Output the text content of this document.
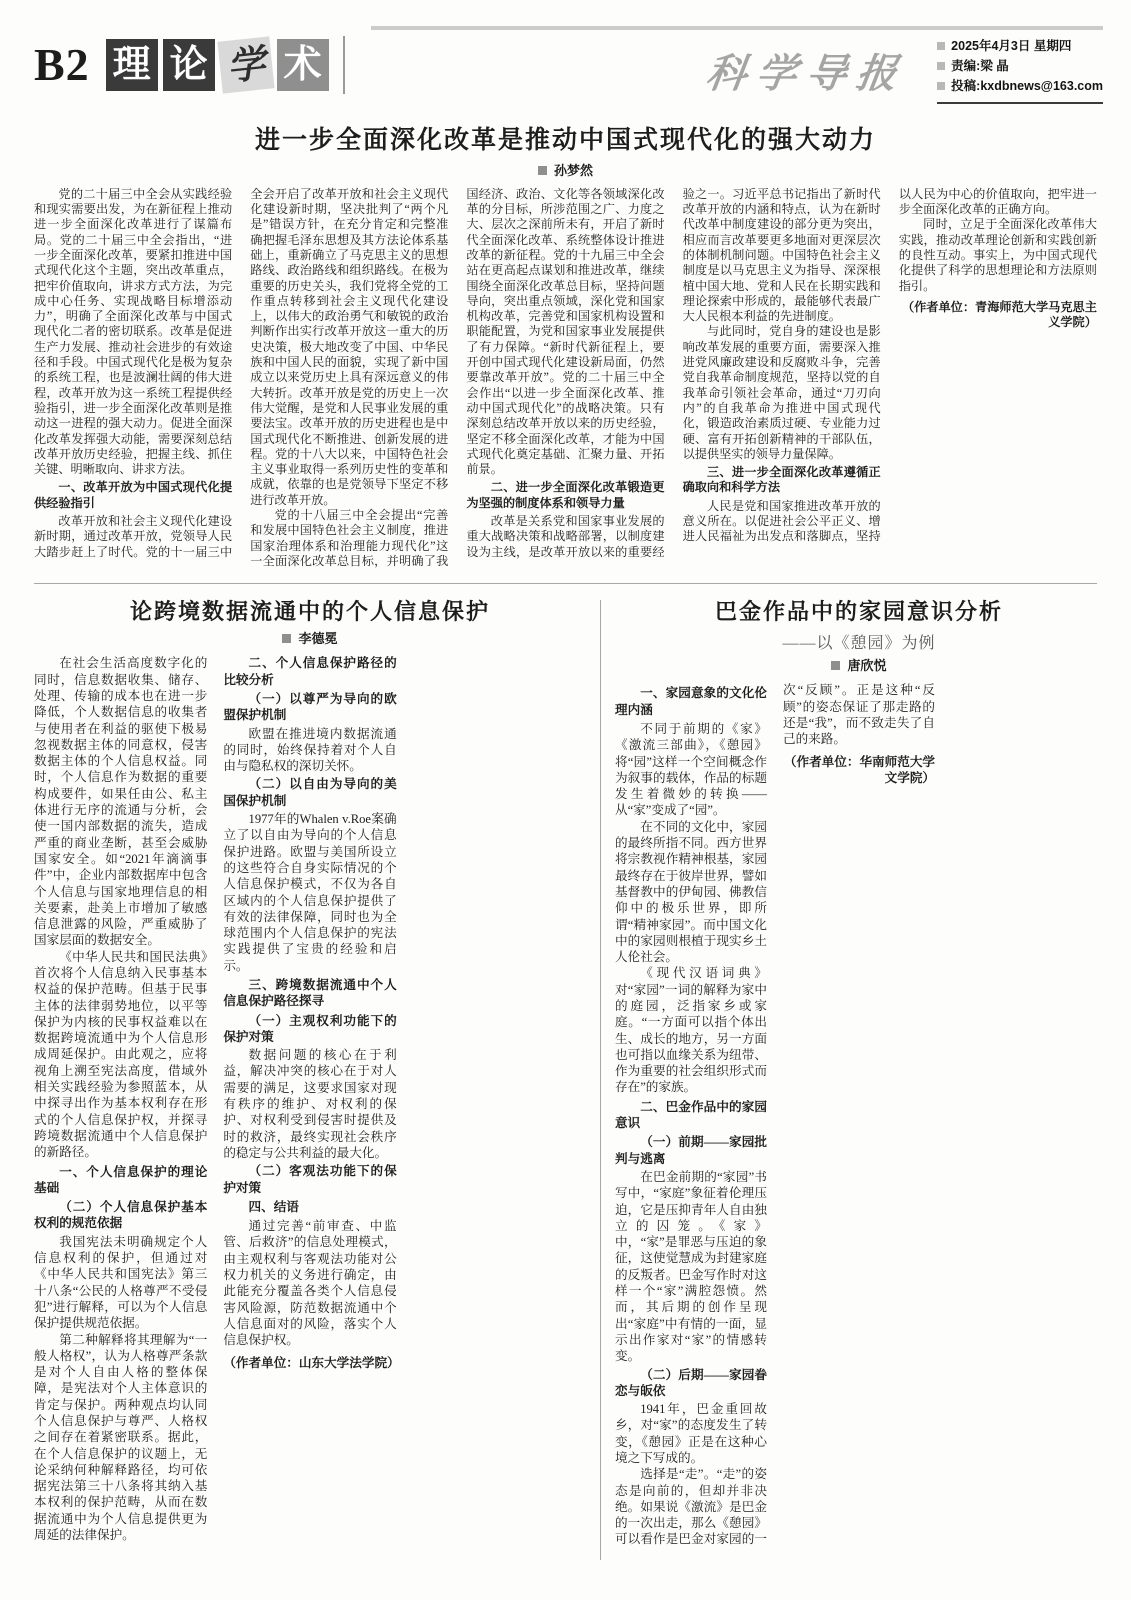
B2 理 论 学 术	科学导报
2025年4月3日 星期四
责编:梁 晶
投稿:kxdbnews@163.com
进一步全面深化改革是推动中国式现代化的强大动力
孙梦然

党的二十届三中全会从实践经验和现实需要出发，为在新征程上推动进一步全面深化改革进行了谋篇布局。党的二十届三中全会指出，“进一步全面深化改革，要紧扣推进中国式现代化这个主题，突出改革重点，把牢价值取向，讲求方式方法，为完成中心任务、实现战略目标增添动力”，明确了全面深化改革与中国式现代化二者的密切联系。改革是促进生产力发展、推动社会进步的有效途径和手段。中国式现代化是极为复杂的系统工程，也是波澜壮阔的伟大进程，改革开放为这一系统工程提供经验指引，进一步全面深化改革则是推动这一进程的强大动力。促进全面深化改革发挥强大动能，需要深刻总结改革开放历史经验，把握主线、抓住关键、明晰取向、讲求方法。

一、改革开放为中国式现代化提供经验指引

改革开放和社会主义现代化建设新时期，通过改革开放，党领导人民大踏步赶上了时代。党的十一届三中全会开启了改革开放和社会主义现代化建设新时期，坚决批判了“两个凡是”错误方针，在充分肯定和完整准确把握毛泽东思想及其方法论体系基础上，重新确立了马克思主义的思想路线、政治路线和组织路线。在极为重要的历史关头，我们党将全党的工作重点转移到社会主义现代化建设上，以伟大的政治勇气和敏锐的政治判断作出实行改革开放这一重大的历史决策，极大地改变了中国、中华民族和中国人民的面貌，实现了新中国成立以来党历史上具有深远意义的伟大转折。改革开放是党的历史上一次伟大觉醒，是党和人民事业发展的重要法宝。改革开放的历史进程也是中国式现代化不断推进、创新发展的进程。党的十八大以来，中国特色社会主义事业取得一系列历史性的变革和成就，依靠的也是党领导下坚定不移进行改革开放。

党的十八届三中全会提出“完善和发展中国特色社会主义制度，推进国家治理体系和治理能力现代化”这一全面深化改革总目标，并明确了我国经济、政治、文化等各领域深化改革的分目标，所涉范围之广、力度之大、层次之深前所未有，开启了新时代全面深化改革、系统整体设计推进改革的新征程。党的十九届三中全会站在更高起点谋划和推进改革，继续围绕全面深化改革总目标，坚持问题导向，突出重点领域，深化党和国家机构改革，完善党和国家机构设置和职能配置，为党和国家事业发展提供了有力保障。“新时代新征程上，要开创中国式现代化建设新局面，仍然要靠改革开放”。党的二十届三中全会作出“以进一步全面深化改革、推动中国式现代化”的战略决策。只有深刻总结改革开放以来的历史经验，坚定不移全面深化改革，才能为中国式现代化奠定基础、汇聚力量、开拓前景。

二、进一步全面深化改革锻造更为坚强的制度体系和领导力量

改革是关系党和国家事业发展的重大战略决策和战略部署，以制度建设为主线，是改革开放以来的重要经验之一。习近平总书记指出了新时代改革开放的内涵和特点，认为在新时代改革中制度建设的部分更为突出，相应而言改革要更多地面对更深层次的体制机制问题。中国特色社会主义制度是以马克思主义为指导、深深根植中国大地、党和人民在长期实践和理论探索中形成的，最能够代表最广大人民根本利益的先进制度。

与此同时，党自身的建设也是影响改革发展的重要方面，需要深入推进党风廉政建设和反腐败斗争，完善党自我革命制度规范，坚持以党的自我革命引领社会革命，通过“刀刃向内”的自我革命为推进中国式现代化，锻造政治素质过硬、专业能力过硬、富有开拓创新精神的干部队伍，以提供坚实的领导力量保障。

三、进一步全面深化改革遵循正确取向和科学方法

人民是党和国家推进改革开放的意义所在。以促进社会公平正义、增进人民福祉为出发点和落脚点，坚持以人民为中心的价值取向，把牢进一步全面深化改革的正确方向。

同时，立足于全面深化改革伟大实践，推动改革理论创新和实践创新的良性互动。事实上，为中国式现代化提供了科学的思想理论和方法原则指引。

（作者单位：青海师范大学马克思主义学院）

论跨境数据流通中的个人信息保护
李德冕

在社会生活高度数字化的同时，信息数据收集、储存、处理、传输的成本也在进一步降低，个人数据信息的收集者与使用者在利益的驱使下极易忽视数据主体的同意权，侵害数据主体的个人信息权益。同时，个人信息作为数据的重要构成要件，如果任由公、私主体进行无序的流通与分析，会使一国内部数据的流失，造成严重的商业垄断，甚至会威胁国家安全。如“2021年滴滴事件”中，企业内部数据库中包含个人信息与国家地理信息的相关要素，赴美上市增加了敏感信息泄露的风险，严重威胁了国家层面的数据安全。

《中华人民共和国民法典》首次将个人信息纳入民事基本权益的保护范畴。但基于民事主体的法律弱势地位，以平等保护为内核的民事权益难以在数据跨境流通中为个人信息形成周延保护。由此观之，应将视角上溯至宪法高度，借域外相关实践经验为参照蓝本，从中探寻出作为基本权利存在形式的个人信息保护权，并探寻跨境数据流通中个人信息保护的新路径。

一、个人信息保护的理论基础
（二）个人信息保护基本权利的规范依据

我国宪法未明确规定个人信息权利的保护，但通过对《中华人民共和国宪法》第三十八条“公民的人格尊严不受侵犯”进行解释，可以为个人信息保护提供规范依据。

第二种解释将其理解为“一般人格权”，认为人格尊严条款是对个人自由人格的整体保障，是宪法对个人主体意识的肯定与保护。两种观点均认同个人信息保护与尊严、人格权之间存在着紧密联系。据此，在个人信息保护的议题上，无论采纳何种解释路径，均可依据宪法第三十八条将其纳入基本权利的保护范畴，从而在数据流通中为个人信息提供更为周延的法律保护。

二、个人信息保护路径的比较分析
（一）以尊严为导向的欧盟保护机制

欧盟在推进境内数据流通的同时，始终保持着对个人自由与隐私权的深切关怀。

（二）以自由为导向的美国保护机制

1977年的Whalen v.Roe案确立了以自由为导向的个人信息保护进路。欧盟与美国所设立的这些符合自身实际情况的个人信息保护模式，不仅为各自区域内的个人信息保护提供了有效的法律保障，同时也为全球范围内个人信息保护的宪法实践提供了宝贵的经验和启示。

三、跨境数据流通中个人信息保护路径探寻
（一）主观权利功能下的保护对策

数据问题的核心在于利益，解决冲突的核心在于对人需要的满足，这要求国家对现有秩序的维护、对权利的保护、对权利受到侵害时提供及时的救济，最终实现社会秩序的稳定与公共利益的最大化。

（二）客观法功能下的保护对策
四、结语

通过完善“前审查、中监管、后救济”的信息处理模式，由主观权利与客观法功能对公权力机关的义务进行确定，由此能充分覆盖各类个人信息侵害风险源，防范数据流通中个人信息面对的风险，落实个人信息保护权。

（作者单位：山东大学法学院）

巴金作品中的家园意识分析
——以《憩园》为例
唐欣悦
一、家园意象的文化伦理内涵

不同于前期的《家》《激流三部曲》，《憩园》将“园”这样一个空间概念作为叙事的载体，作品的标题发生着微妙的转换——从“家”变成了“园”。

在不同的文化中，家园的最终所指不同。西方世界将宗教视作精神根基，家园最终存在于彼岸世界，譬如基督教中的伊甸园、佛教信仰中的极乐世界，即所谓“精神家园”。而中国文化中的家园则根植于现实乡土人伦社会。

《现代汉语词典》对“家园”一词的解释为家中的庭园，泛指家乡或家庭。“一方面可以指个体出生、成长的地方，另一方面也可指以血缘关系为纽带、作为重要的社会组织形式而存在”的家族。

二、巴金作品中的家园意识
（一）前期——家园批判与逃离

在巴金前期的“家园”书写中，“家庭”象征着伦理压迫，它是压抑青年人自由独立的囚笼。《家》中，“家”是罪恶与压迫的象征，这使觉慧成为封建家庭的反叛者。巴金写作时对这样一个“家”满腔怨愤。然而，其后期的创作呈现出“家庭”中有情的一面，显示出作家对“家”的情感转变。

（二）后期——家园眷恋与皈依

1941年，巴金重回故乡，对“家”的态度发生了转变，《憩园》正是在这种心境之下写成的。

选择是“走”。“走”的姿态是向前的，但却并非决绝。如果说《激流》是巴金的一次出走，那么《憩园》可以看作是巴金对家园的一次“反顾”。正是这种“反顾”的姿态保证了那走路的还是“我”，而不致走失了自己的来路。

（作者单位：华南师范大学文学院）
